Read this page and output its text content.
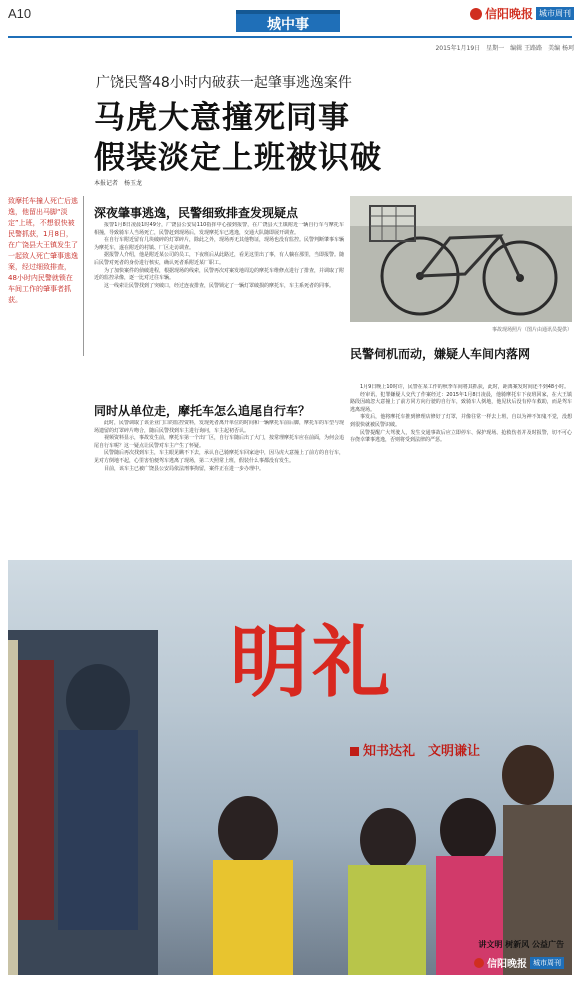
A10
城中事
信阳晚报 城市周刊
2015年1月19日　星期一　编辑 王路路　美编 杨珂
广饶民警48小时内破获一起肇事逃逸案件
马虎大意撞死同事
假装淡定上班被识破
本报记者　杨玉龙
致摩托车撞人死亡后逃逸，他留出马脚“淡定”上班，不想很快被民警抓获，1月8日，在广饶县大王镇发生了一起致人死亡肇事逃逸案，经过细致排查，48小时内民警就锁在车间工作的肇事者抓获。
深夜肇事逃逸，民警细致排查发现疑点

报警1月8日凌晨1时49分，广饶县公安局110指挥中心接到报警，在广饶县大王镇附近一辆自行车与摩托车相撞，导致骑车人当场死亡，民警赶到现场后，发现摩托车已逃逸，交通大队随即展开调查。

在自行车附近留有几块破碎的灯罩碎片，除此之外，现场再无其他物证，现场也没有监控。民警判断肇事车辆为摩托车，遂在附近的村镇、厂区走访调查。

据报警人介绍，他是附近某公司的员工，下夜班后从此路过，看见这里出了事，有人躺在那里，当即报警。随后民警对死者的身份进行核实，确认死者系附近某厂职工。

为了加快案件的侦破进程，根据现场的线索，民警再次对案发地周边的摩托车维修点进行了排查，并调取了附近的监控录像，逐一比对过往车辆。

这一线索让民警找到了突破口，经过连夜排查，民警锁定了一辆灯罩破损的摩托车，车主系死者的同事。

同时从单位走，摩托车怎么追尾自行车？

此时，民警调取了该企业门口的监控资料，发现死者离开单位的时间和一辆摩托车前后脚，摩托车的车型与现场遗留的灯罩碎片吻合，随后民警找到车主进行询问，车主起初否认。

视频资料显示，事故发生前，摩托车第一个出厂区，自行车随后出了大门，按常理摩托车应在前面，为何会追尾自行车呢？这一疑点让民警对车主产生了怀疑。

民警随后再次找到车主，车主眼见瞒不下去，承认自己骑摩托车回家途中，因马虎大意撞上了前方的自行车，见对方倒地不起，心里害怕便驾车逃离了现场，第二天照常上班，假装什么事都没有发生。

目前，该车主已被广饶县公安局依法刑事拘留，案件正在进一步办理中。

事故现场照片（图片由通讯员提供）
民警伺机而动，嫌疑人车间内落网

1月9日晚上10时许，民警在某工作的秋季车间将其抓获，此时，距离案发时间还不到48小时。

经审讯，犯罪嫌疑人交代了作案经过：2015年1月8日凌晨，他骑摩托车下夜班回家，在大王镇路段因疏忽大意撞上了前方同方向行驶的自行车，致骑车人倒地，他见状后没有停车救助，而是驾车逃离现场。

事发后，他将摩托车推到修理店修好了灯罩，并像往常一样去上班，自以为神不知鬼不觉，没想到很快就被民警识破。

民警提醒广大驾驶人，发生交通事故后应立即停车、保护现场、抢救伤者并及时报警，切不可心存侥幸肇事逃逸，否则将受到法律的严惩。

明礼
知书达礼　文明谦让
讲文明 树新风 公益广告
信阳晚报 城市周刊
